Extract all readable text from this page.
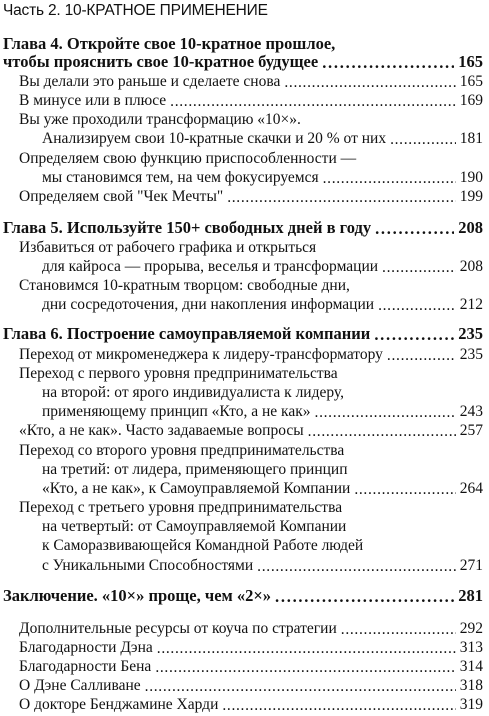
Часть 2. 10-КРАТНОЕ ПРИМЕНЕНИЕ
Глава 4. Откройте свое 10-кратное прошлое,
чтобы прояснить свое 10-кратное будущее . . .	165
Вы делали это раньше и сделаете снова . . .	165
В минусе или в плюсе . . .	169
Вы уже проходили трансформацию «10×».
Анализируем свои 10-кратные скачки и 20 % от них . . .	181
Определяем свою функцию приспособленности —
мы становимся тем, на чем фокусируемся . . .	190
Определяем свой "Чек Мечты" . . .	199
Глава 5. Используйте 150+ свободных дней в году . . .	208
Избавиться от рабочего графика и открыться
для кайроса — прорыва, веселья и трансформации . . .	208
Становимся 10-кратным творцом: свободные дни,
дни сосредоточения, дни накопления информации . . .	212
Глава 6. Построение самоуправляемой компании . . .	235
Переход от микроменеджера к лидеру-трансформатору . . .	235
Переход с первого уровня предпринимательства
на второй: от ярого индивидуалиста к лидеру,
применяющему принцип «Кто, а не как» . . .	243
«Кто, а не как». Часто задаваемые вопросы . . .	257
Переход со второго уровня предпринимательства
на третий: от лидера, применяющего принцип
«Кто, а не как», к Самоуправляемой Компании . . .	264
Переход с третьего уровня предпринимательства
на четвертый: от Самоуправляемой Компании
к Саморазвивающейся Командной Работе людей
с Уникальными Способностями . . .	271
Заключение. «10×» проще, чем «2×» . . .	281
Дополнительные ресурсы от коуча по стратегии . . .	292
Благодарности Дэна . . .	313
Благодарности Бена . . .	314
О Дэне Салливане . . .	318
О докторе Бенджамине Харди . . .	319
